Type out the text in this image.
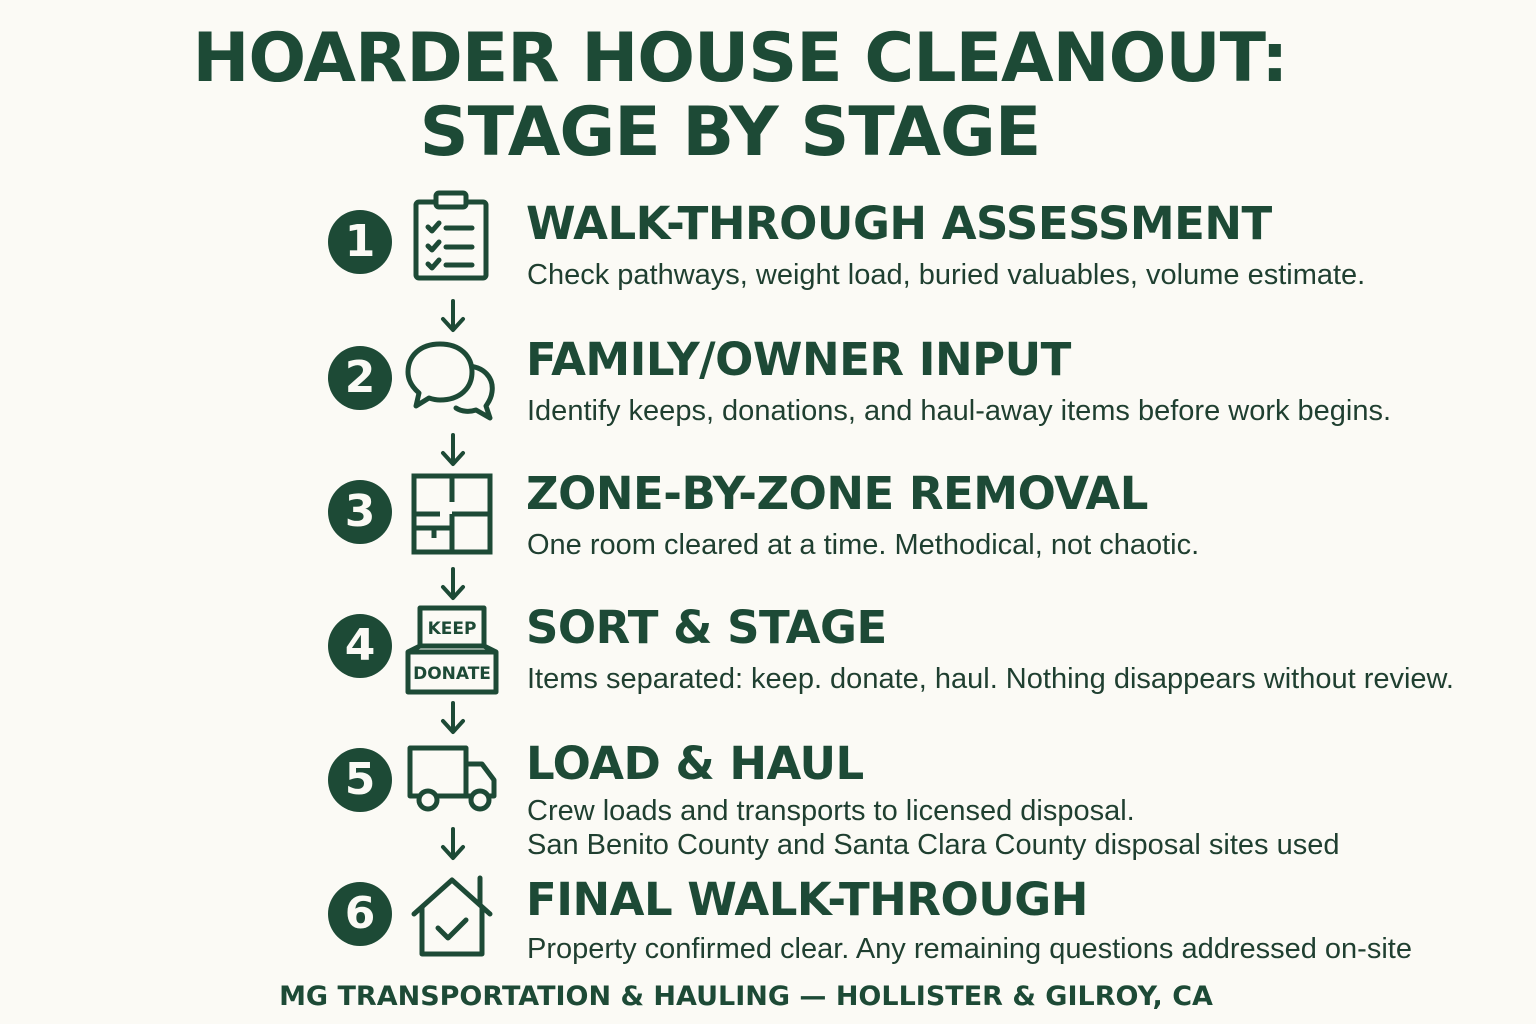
HOARDER HOUSE CLEANOUT:
STAGE BY STAGE
1	WALK-THROUGH ASSESSMENT
Check pathways, weight load, buried valuables, volume estimate.
2	FAMILY/OWNER INPUT
Identify keeps, donations, and haul-away items before work begins.
3	ZONE-BY-ZONE REMOVAL
One room cleared at a time. Methodical, not chaotic.
4	KEEP
DONATE
SORT & STAGE
Items separated: keep. donate, haul. Nothing disappears without review.
5	LOAD & HAUL
Crew loads and transports to licensed disposal.
San Benito County and Santa Clara County disposal sites used
6	FINAL WALK-THROUGH
Property confirmed clear. Any remaining questions addressed on-site
MG TRANSPORTATION & HAULING — HOLLISTER & GILROY, CA
